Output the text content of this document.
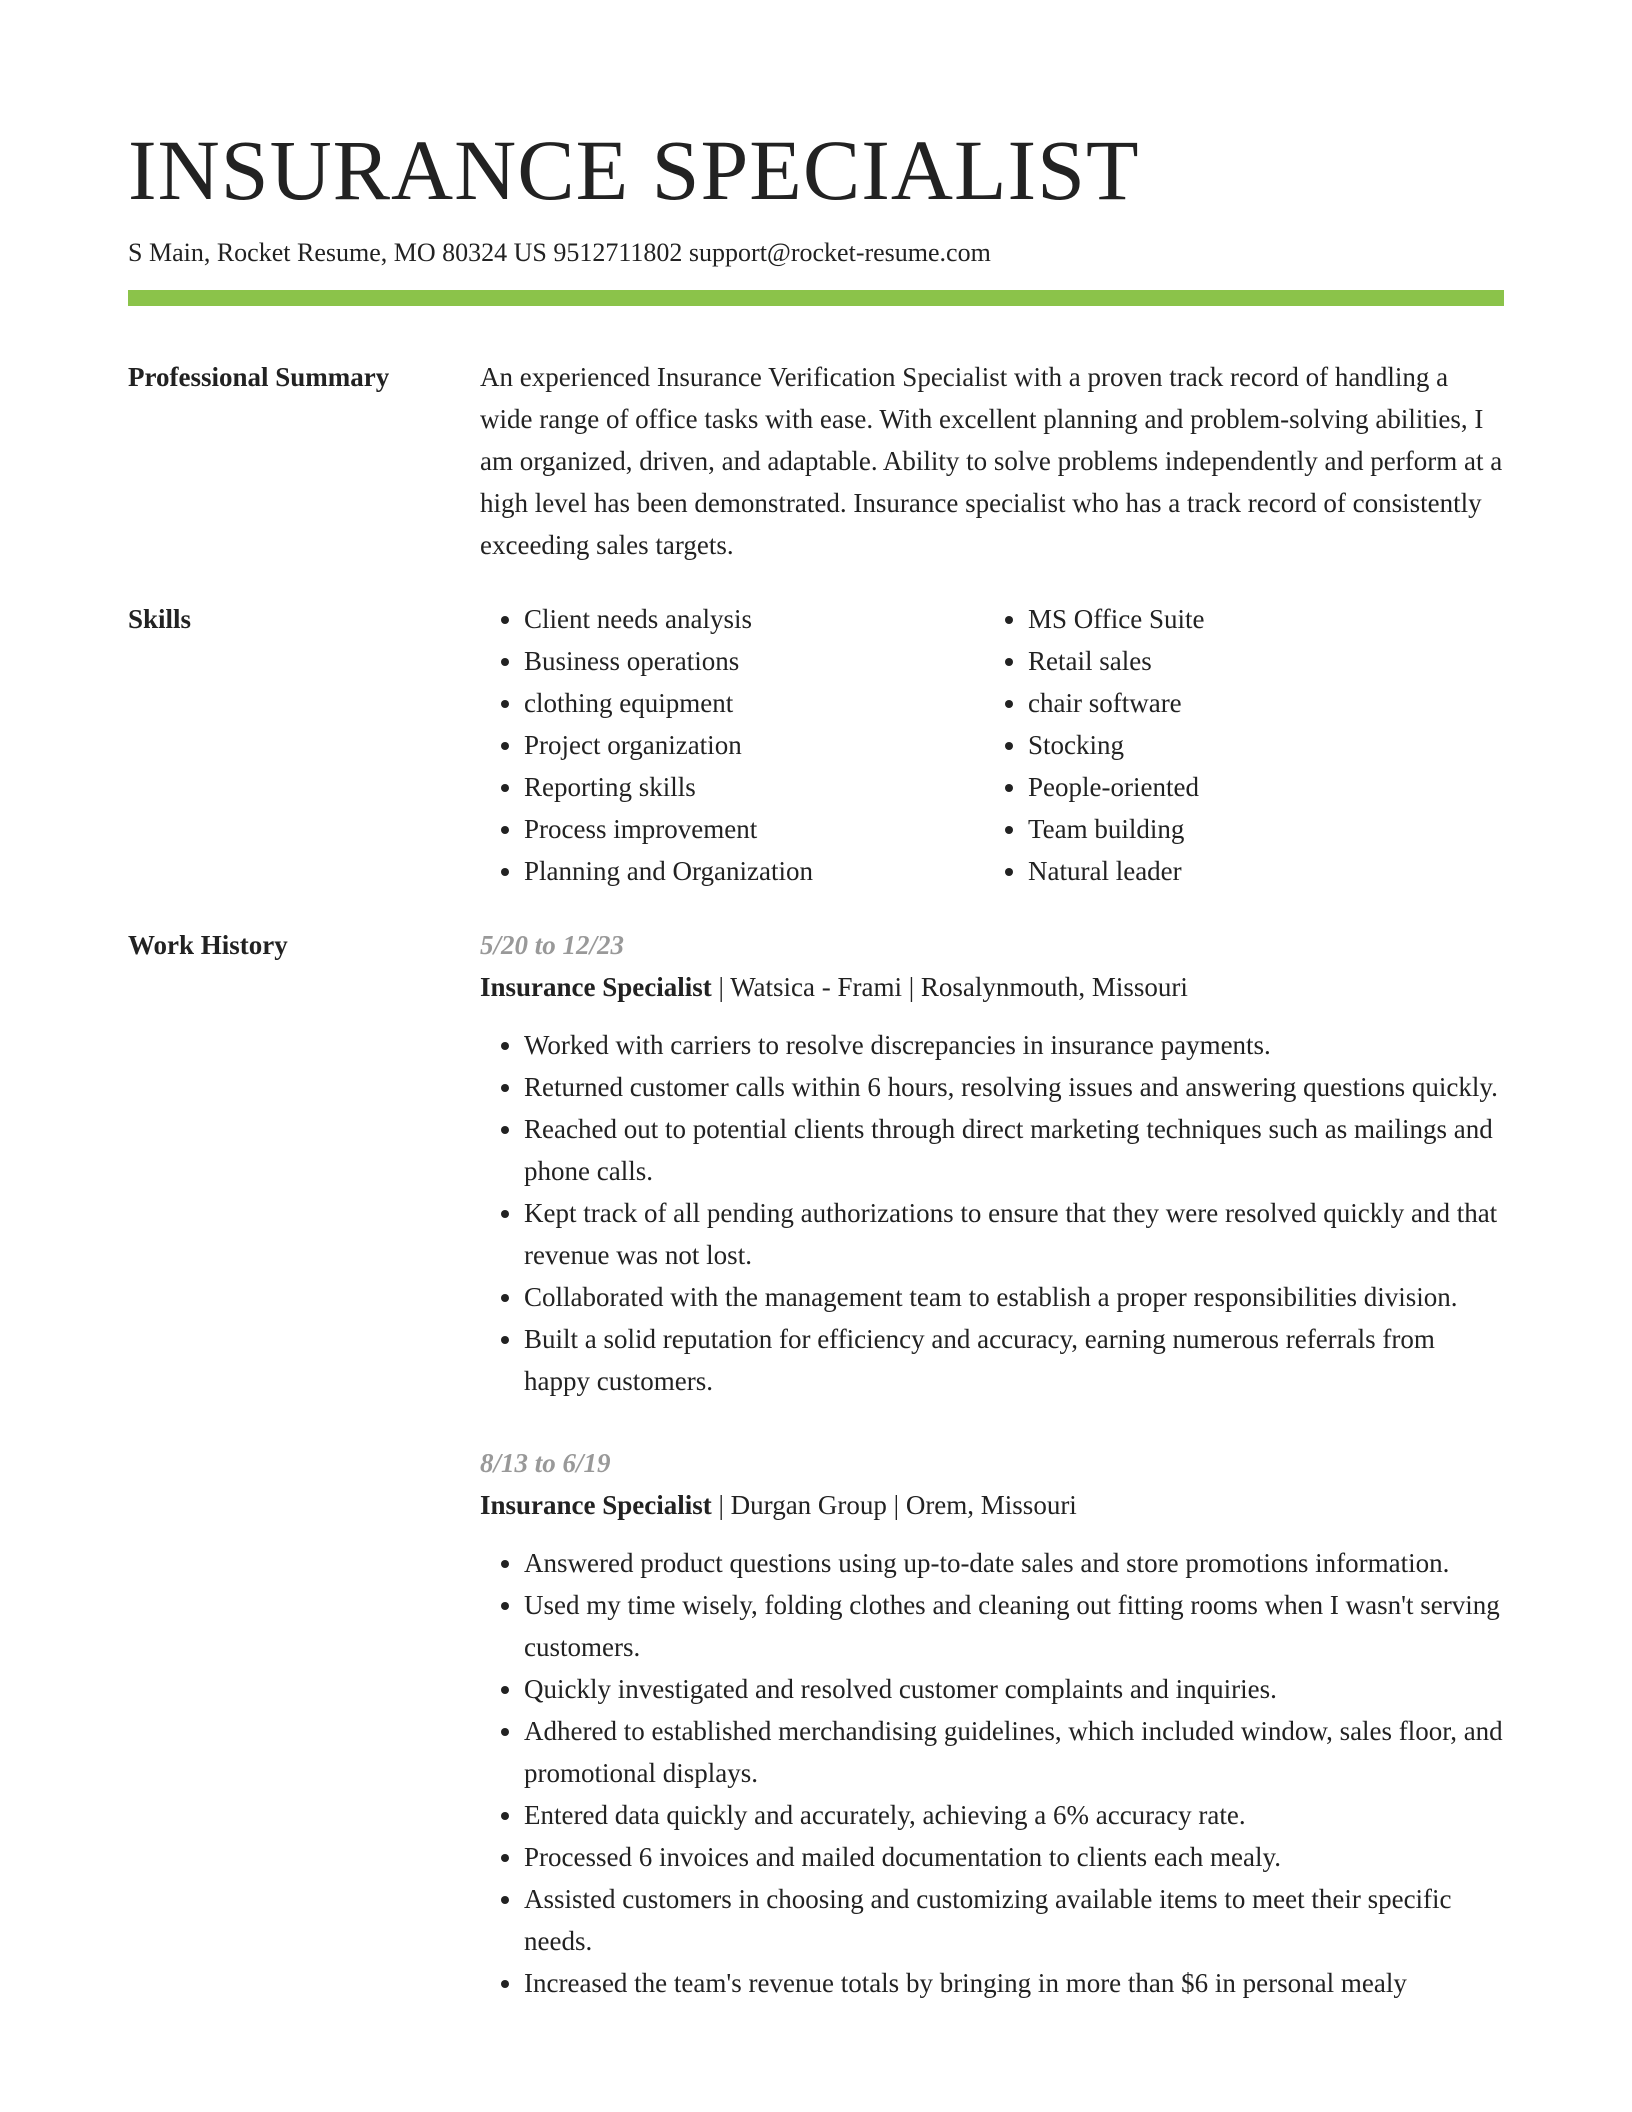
INSURANCE SPECIALIST
S Main, Rocket Resume, MO 80324 US 9512711802 support@rocket-resume.com
Professional Summary	An experienced Insurance Verification Specialist with a proven track record of handling a wide range of office tasks with ease. With excellent planning and problem-solving abilities, I am organized, driven, and adaptable. Ability to solve problems independently and perform at a high level has been demonstrated. Insurance specialist who has a track record of consistently exceeding sales targets.

Skills
•	Client needs analysis
• Business operations
• clothing equipment
• Project organization
• Reporting skills
• Process improvement
• Planning and Organization
• MS Office Suite
• Retail sales
• chair software
• Stocking
• People-oriented
• Team building
• Natural leader
Work History	5/20 to 12/23
Insurance Specialist | Watsica - Frami | Rosalynmouth, Missouri
• Worked with carriers to resolve discrepancies in insurance payments.
• Returned customer calls within 6 hours, resolving issues and answering questions quickly.
• Reached out to potential clients through direct marketing techniques such as mailings and phone calls.
• Kept track of all pending authorizations to ensure that they were resolved quickly and that revenue was not lost.
• Collaborated with the management team to establish a proper responsibilities division.
• Built a solid reputation for efficiency and accuracy, earning numerous referrals from happy customers.
8/13 to 6/19
Insurance Specialist | Durgan Group | Orem, Missouri
• Answered product questions using up-to-date sales and store promotions information.
• Used my time wisely, folding clothes and cleaning out fitting rooms when I wasn't serving customers.
• Quickly investigated and resolved customer complaints and inquiries.
• Adhered to established merchandising guidelines, which included window, sales floor, and promotional displays.
• Entered data quickly and accurately, achieving a 6% accuracy rate.
• Processed 6 invoices and mailed documentation to clients each mealy.
• Assisted customers in choosing and customizing available items to meet their specific needs.
• Increased the team's revenue totals by bringing in more than $6 in personal mealy
